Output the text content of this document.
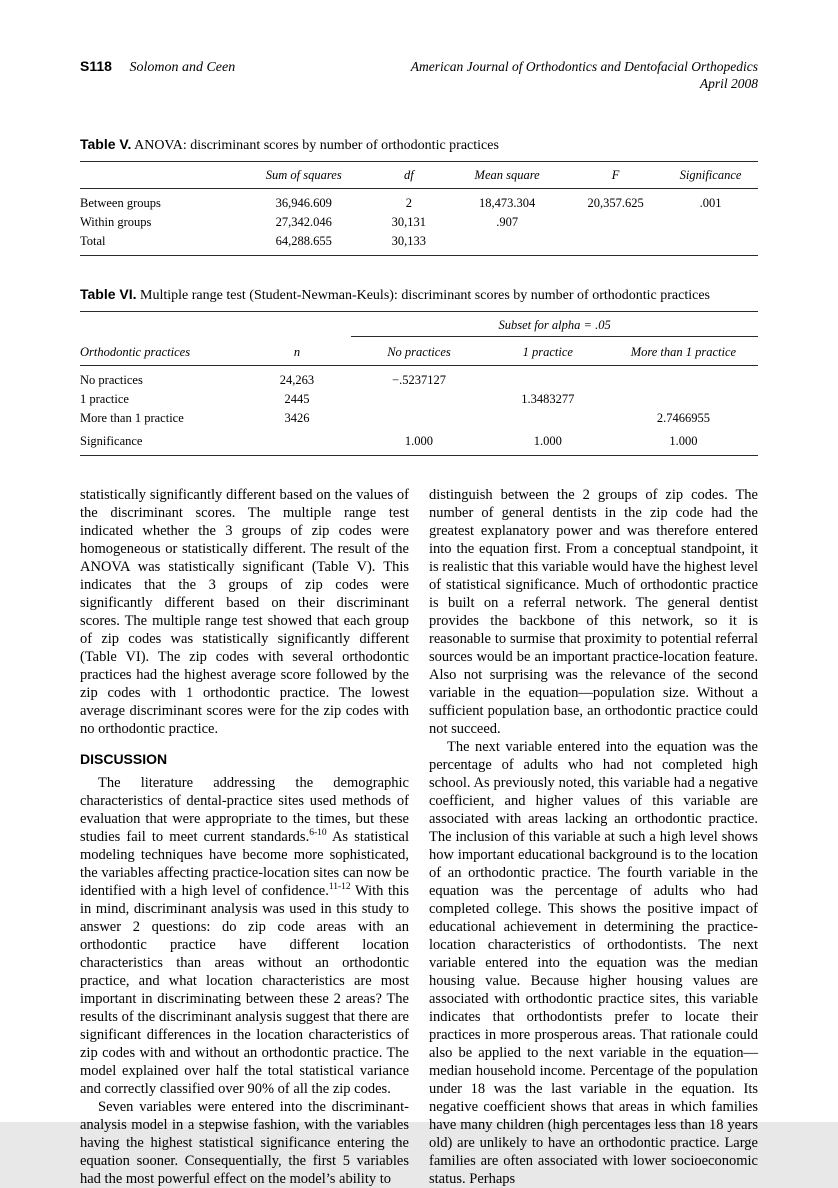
S118 Solomon and Ceen	American Journal of Orthodontics and Dentofacial Orthopedics
April 2008

Table V. ANOVA: discriminant scores by number of orthodontic practices

	Sum of squares	df	Mean square	F	Significance
Between groups	36,946.609	2	18,473.304	20,357.625	.001
Within groups	27,342.046	30,131	.907		
Total	64,288.655	30,133			

Table VI. Multiple range test (Student-Newman-Keuls): discriminant scores by number of orthodontic practices

		Subset for alpha = .05		
Orthodontic practices	n	No practices	1 practice	More than 1 practice
No practices	24,263	−.5237127		
1 practice	2445		1.3483277	
More than 1 practice	3426			2.7466955
Significance		1.000	1.000	1.000

statistically significantly different based on the values of the discriminant scores. The multiple range test indicated whether the 3 groups of zip codes were homogeneous or statistically different. The result of the ANOVA was statistically significant (Table V). This indicates that the 3 groups of zip codes were significantly different based on their discriminant scores. The multiple range test showed that each group of zip codes was statistically significantly different (Table VI). The zip codes with several orthodontic practices had the highest average score followed by the zip codes with 1 orthodontic practice. The lowest average discriminant scores were for the zip codes with no orthodontic practice.

DISCUSSION

The literature addressing the demographic characteristics of dental-practice sites used methods of evaluation that were appropriate to the times, but these studies fail to meet current standards.$^{6-10}$ As statistical modeling techniques have become more sophisticated, the variables affecting practice-location sites can now be identified with a high level of confidence.$^{11-12}$ With this in mind, discriminant analysis was used in this study to answer 2 questions: do zip code areas with an orthodontic practice have different location characteristics than areas without an orthodontic practice, and what location characteristics are most important in discriminating between these 2 areas? The results of the discriminant analysis suggest that there are significant differences in the location characteristics of zip codes with and without an orthodontic practice. The model explained over half the total statistical variance and correctly classified over 90% of all the zip codes.

Seven variables were entered into the discriminant-analysis model in a stepwise fashion, with the variables having the highest statistical significance entering the equation sooner. Consequentially, the first 5 variables had the most powerful effect on the model’s ability to

distinguish between the 2 groups of zip codes. The number of general dentists in the zip code had the greatest explanatory power and was therefore entered into the equation first. From a conceptual standpoint, it is realistic that this variable would have the highest level of statistical significance. Much of orthodontic practice is built on a referral network. The general dentist provides the backbone of this network, so it is reasonable to surmise that proximity to potential referral sources would be an important practice-location feature. Also not surprising was the relevance of the second variable in the equation—population size. Without a sufficient population base, an orthodontic practice could not succeed.

The next variable entered into the equation was the percentage of adults who had not completed high school. As previously noted, this variable had a negative coefficient, and higher values of this variable are associated with areas lacking an orthodontic practice. The inclusion of this variable at such a high level shows how important educational background is to the location of an orthodontic practice. The fourth variable in the equation was the percentage of adults who had completed college. This shows the positive impact of educational achievement in determining the practice-location characteristics of orthodontists. The next variable entered into the equation was the median housing value. Because higher housing values are associated with orthodontic practice sites, this variable indicates that orthodontists prefer to locate their practices in more prosperous areas. That rationale could also be applied to the next variable in the equation—median household income. Percentage of the population under 18 was the last variable in the equation. Its negative coefficient shows that areas in which families have many children (high percentages less than 18 years old) are unlikely to have an orthodontic practice. Large families are often associated with lower socioeconomic status. Perhaps
